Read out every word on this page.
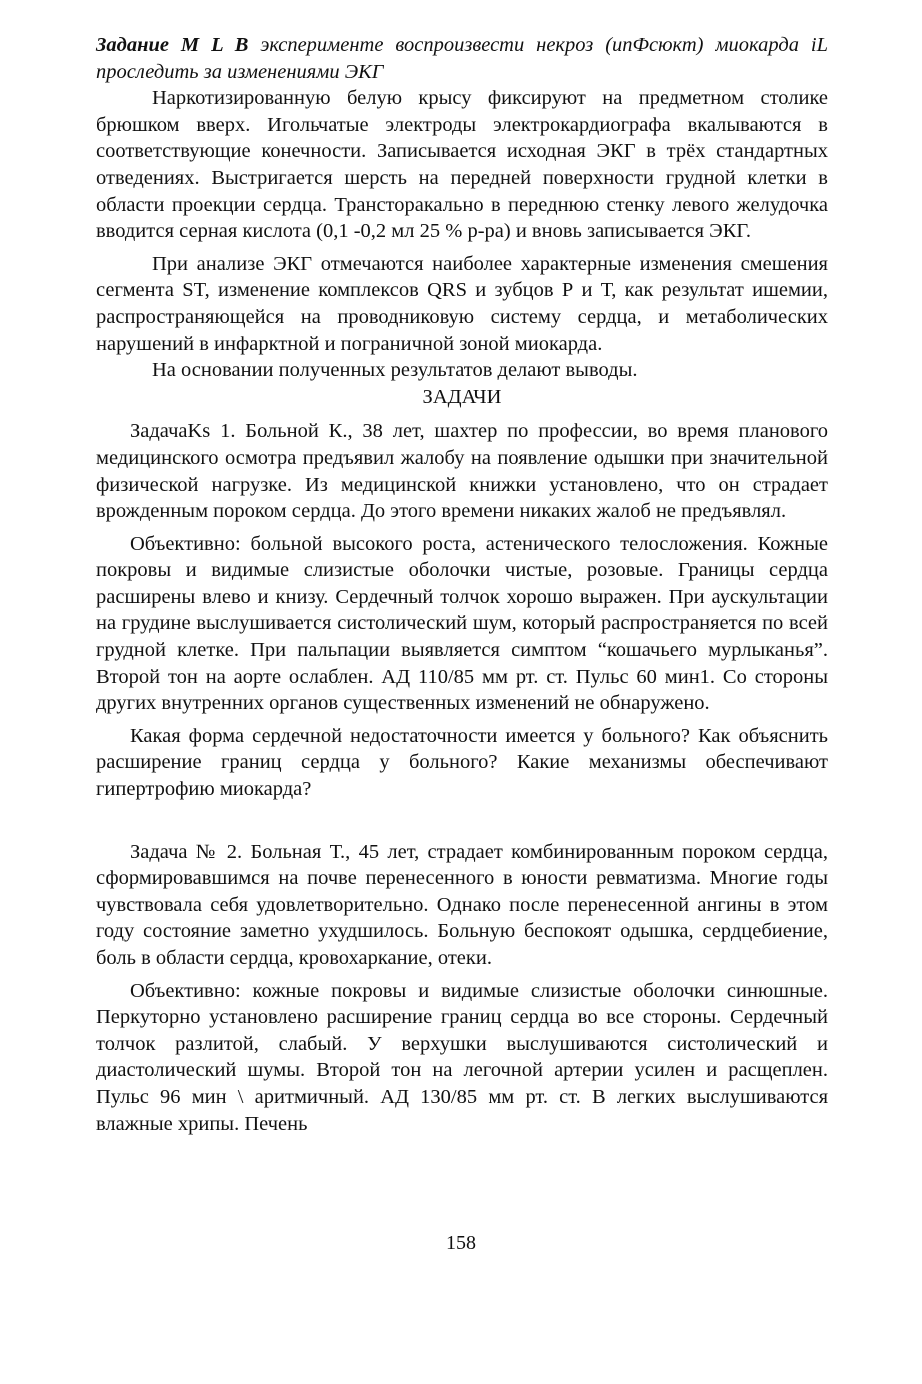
Задание M L B эксперименте воспроизвести некроз (ипФсюкт) миокарда iL проследить за изменениями ЭКГ

Наркотизированную белую крысу фиксируют на предметном столике брюшком вверх. Игольчатые электроды электрокардиографа вкалываются в соответствующие конечности. Записывается исходная ЭКГ в трёх стандартных отведениях. Выстригается шерсть на передней поверхности грудной клетки в области проекции сердца. Трансторакально в переднюю стенку левого желудочка вводится серная кислота (0,1 -0,2 мл 25 % р-ра) и вновь записывается ЭКГ.

При анализе ЭКГ отмечаются наиболее характерные изменения смешения сегмента ST, изменение комплексов QRS и зубцов Р и Т, как результат ишемии, распространяющейся на проводниковую систему сердца, и метаболических нарушений в инфарктной и пограничной зоной миокарда.

На основании полученных результатов делают выводы.

ЗАДАЧИ

ЗадачаKs 1. Больной К., 38 лет, шахтер по профессии, во время планового медицинского осмотра предъявил жалобу на появление одышки при значительной физической нагрузке. Из медицинской книжки установлено, что он страдает врожденным пороком сердца. До этого времени никаких жалоб не предъявлял.

Объективно: больной высокого роста, астенического телосложения. Кожные покровы и видимые слизистые оболочки чистые, розовые. Границы сердца расширены влево и книзу. Сердечный толчок хорошо выражен. При аускультации на грудине выслушивается систолический шум, который распространяется по всей грудной клетке. При пальпации выявляется симптом “кошачьего мурлыканья”. Второй тон на аорте ослаблен. АД 110/85 мм рт. ст. Пульс 60 мин1. Со стороны других внутренних органов существенных изменений не обнаружено.

Какая форма сердечной недостаточности имеется у больного? Как объяснить расширение границ сердца у больного? Какие механизмы обеспечивают гипертрофию миокарда?

Задача № 2. Больная Т., 45 лет, страдает комбинированным пороком сердца, сформировавшимся на почве перенесенного в юности ревматизма. Многие годы чувствовала себя удовлетворительно. Однако после перенесенной ангины в этом году состояние заметно ухудшилось. Больную беспокоят одышка, сердцебиение, боль в области сердца, кровохаркание, отеки.

Объективно: кожные покровы и видимые слизистые оболочки синюшные. Перкуторно установлено расширение границ сердца во все стороны. Сердечный толчок разлитой, слабый. У верхушки выслушиваются систолический и диастолический шумы. Второй тон на легочной артерии усилен и расщеплен. Пульс 96 мин \ аритмичный. АД 130/85 мм рт. ст. В легких выслушиваются влажные хрипы. Печень

158
